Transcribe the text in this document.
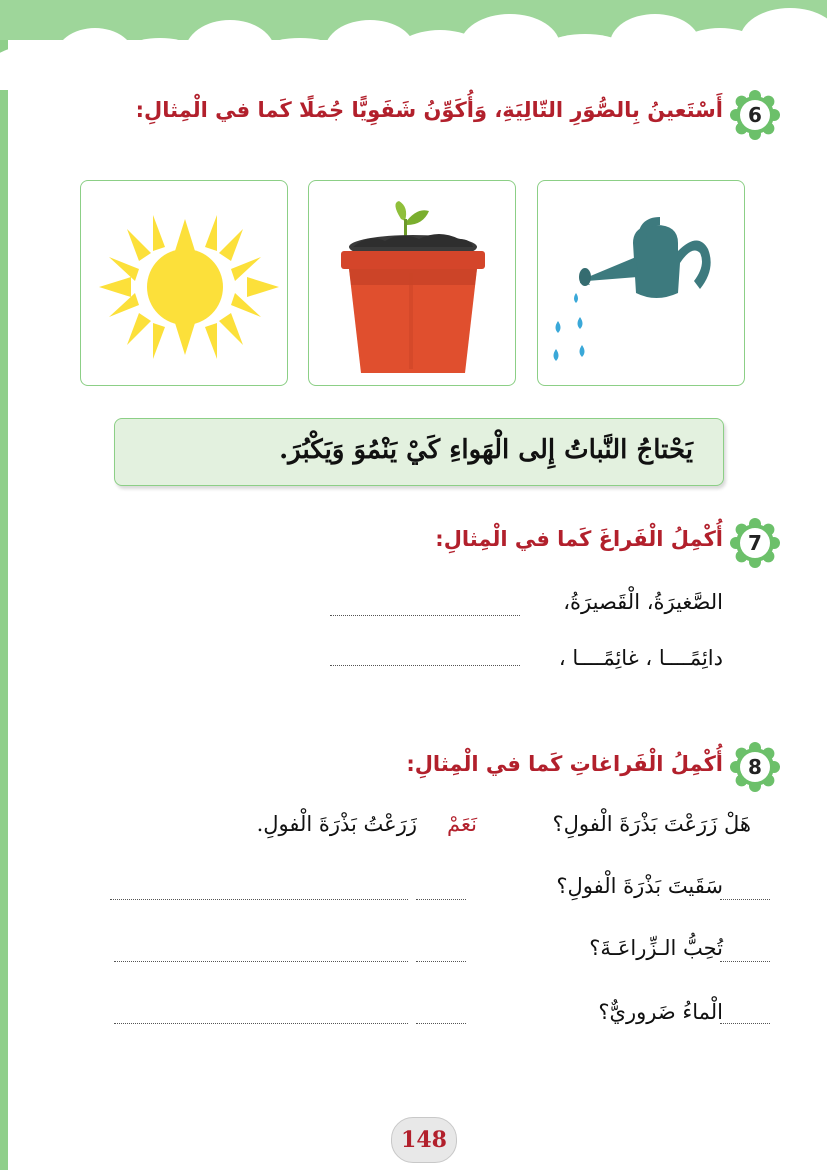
6
أَسْتَعينُ بِالصُّوَرِ التّالِيَةِ، وَأُكَوِّنُ شَفَوِيًّا جُمَلًا كَما في الْمِثالِ:
يَحْتاجُ النَّباتُ إِلى الْهَواءِ كَيْ يَنْمُوَ وَيَكْبُرَ.
7
أُكْمِلُ الْفَراغَ كَما في الْمِثالِ:
الصَّغيرَةُ، الْقَصيرَةُ،
دائِمًــــا ، غائِمًــــا ،
8
أُكْمِلُ الْفَراغاتِ كَما في الْمِثالِ:
هَلْ زَرَعْتَ بَذْرَةَ الْفولِ؟
نَعَمْ
زَرَعْتُ بَذْرَةَ الْفولِ.
سَقَيتَ بَذْرَةَ الْفولِ؟
تُحِبُّ الـزِّراعَـةَ؟
الْماءُ ضَروريٌّ؟
148
